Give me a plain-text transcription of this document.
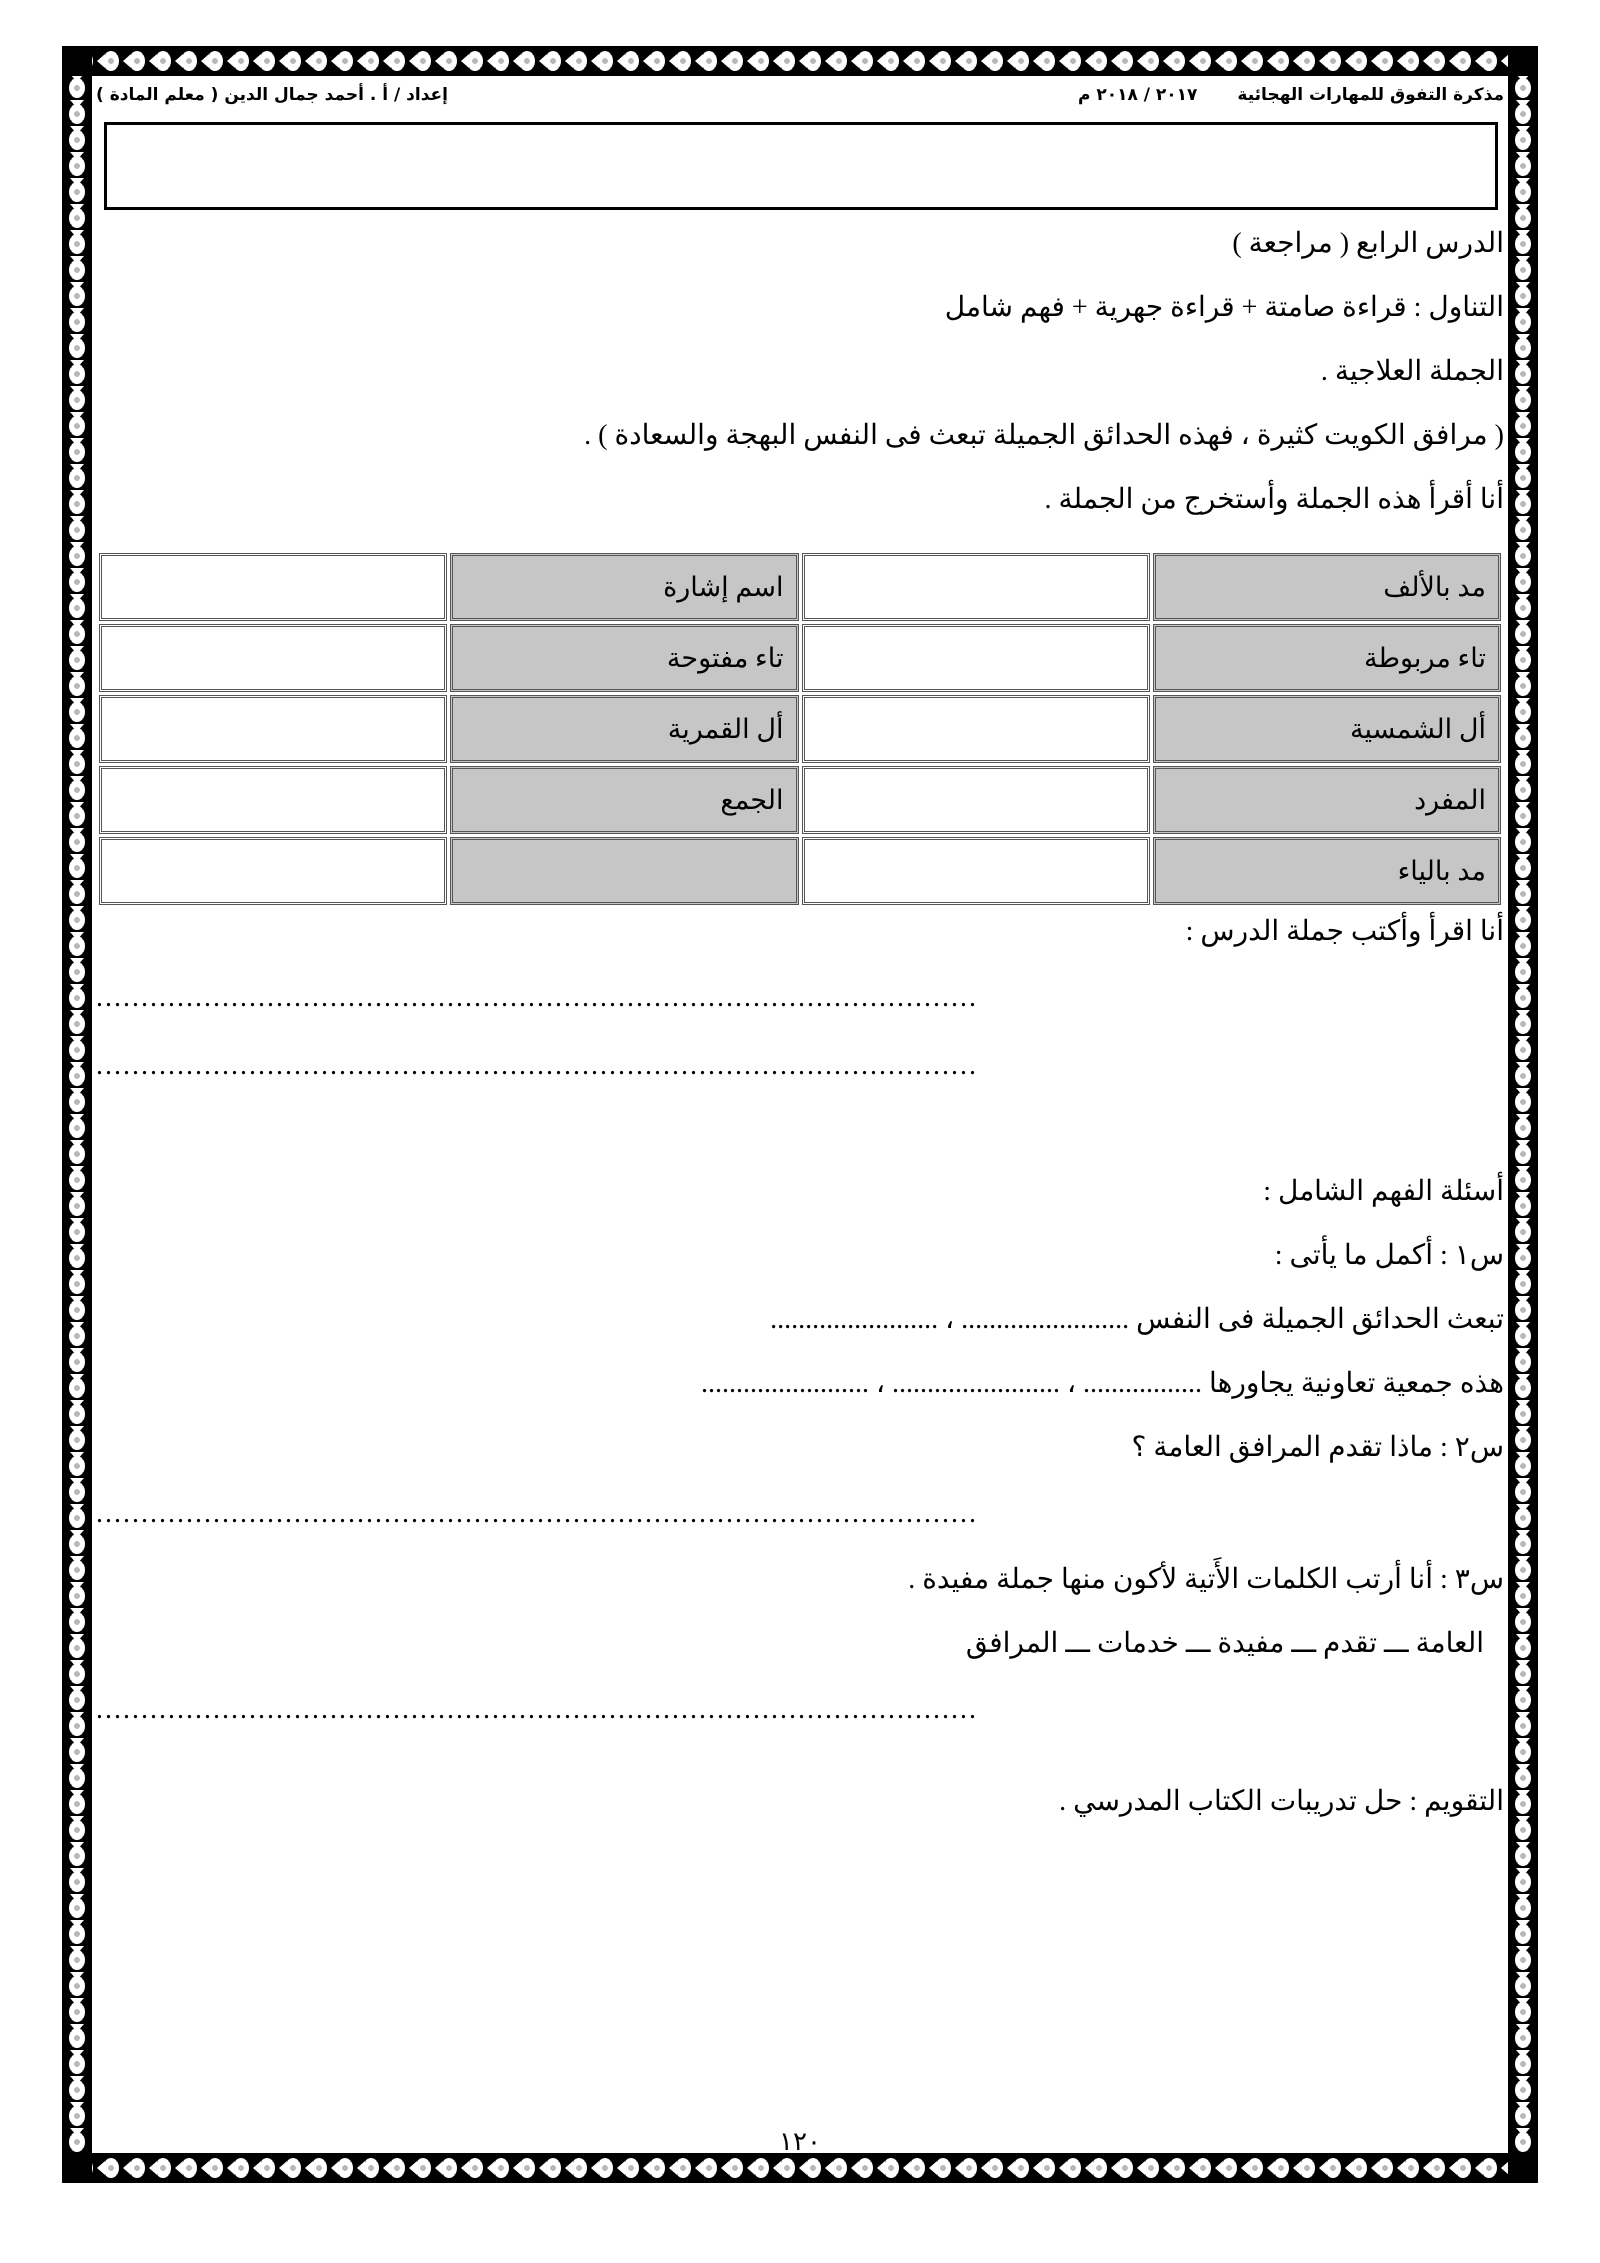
مذكرة التفوق للمهارات الهجائية
٢٠١٧ / ٢٠١٨ م
إعداد / أ . أحمد جمال الدين ( معلم المادة )

الدرس الرابع ( مراجعة )

التناول : قراءة صامتة + قراءة جهرية + فهم شامل

الجملة العلاجية .

( مرافق الكويت كثيرة ، فهذه الحدائق الجميلة تبعث فى النفس البهجة والسعادة ) .

أنا أقرأ هذه الجملة وأستخرج من الجملة .

مد بالألف		اسم إشارة	
تاء مربوطة		تاء مفتوحة	
أل الشمسية		أل القمرية	
المفرد		الجمع	
مد بالياء			

أنا اقرأ وأكتب جملة الدرس :

..................................................................................................

..................................................................................................

أسئلة الفهم الشامل :

س١ : أكمل ما يأتى :

تبعث الحدائق الجميلة فى النفس ........................ ، ........................

هذه جمعية تعاونية يجاورها ................. ، ........................ ، ........................

س٢ : ماذا تقدم المرافق العامة ؟

..................................................................................................

س٣ : أنا أرتب الكلمات الأَتية لأكون منها جملة مفيدة .

العامة ـــ تقدم ـــ مفيدة ـــ خدمات ـــ المرافق

..................................................................................................

التقويم : حل تدريبات الكتاب المدرسي .

١٢٠
